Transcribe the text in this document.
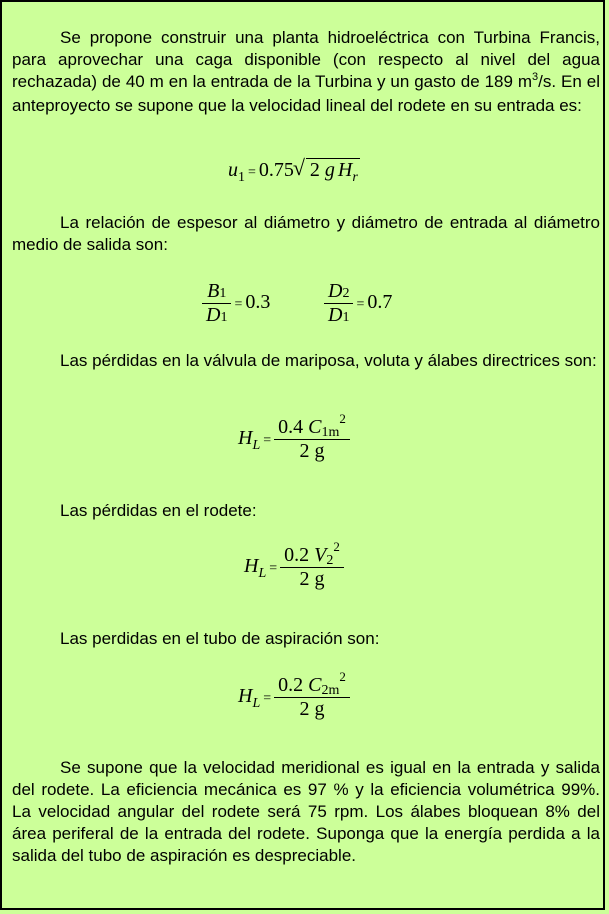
Se propone construir una planta hidroeléctrica con Turbina Francis, para aprovechar una caga disponible (con respecto al nivel del agua rechazada) de 40 m en la entrada de la Turbina y un gasto de 189 $m^3/s$. En el anteproyecto se supone que la velocidad lineal del rodete en su entrada es:
$u_1 = 0.75$ √ 2 g $H_r$
La relación de espesor al diámetro y diámetro de entrada al diámetro medio de salida son:
$\frac{B1}{D1} = 0.3$	$\frac{D2}{D1} = 0.7$
Las pérdidas en la válvula de mariposa, voluta y álabes directrices son:
$H_L = \frac{0.4 C1m^2}{2 g}$
Las pérdidas en el rodete:
$H_L = \frac{0.2 V2^2}{2 g}$
Las perdidas en el tubo de aspiración son:
$H_L = \frac{0.2 C2m^2}{2 g}$
Se supone que la velocidad meridional es igual en la entrada y salida del rodete. La eficiencia mecánica es 97 % y la eficiencia volumétrica 99%. La velocidad angular del rodete será 75 rpm. Los álabes bloquean 8% del área periferal de la entrada del rodete. Suponga que la energía perdida a la salida del tubo de aspiración es despreciable.
